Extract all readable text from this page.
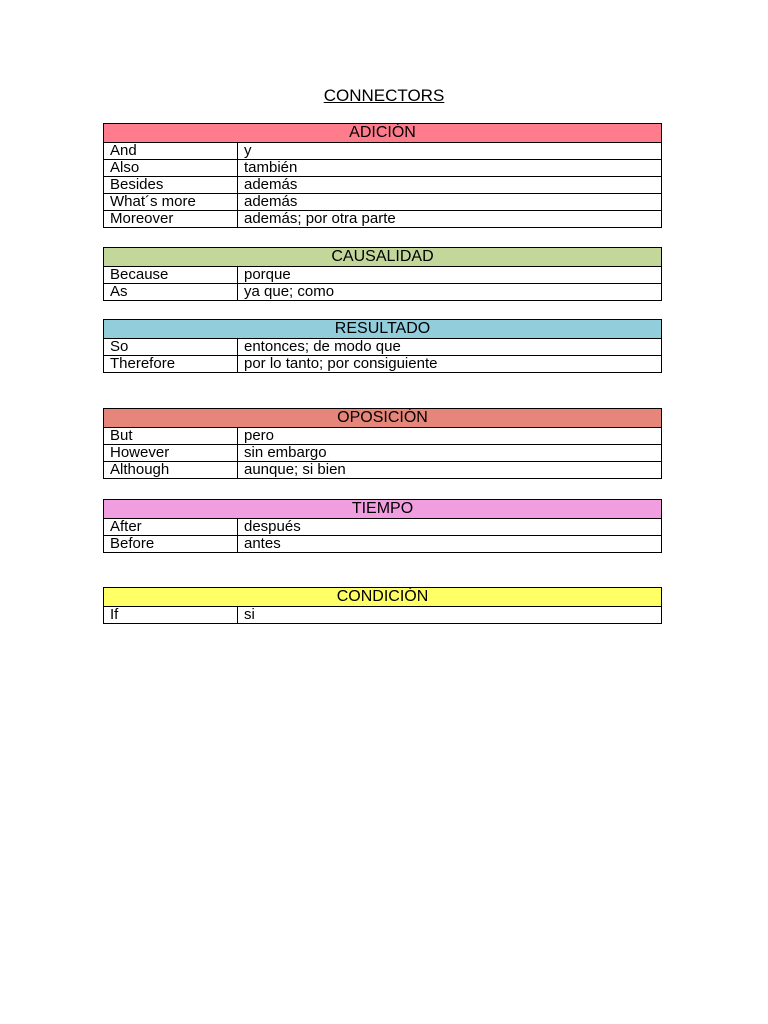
CONNECTORS
ADICIÓN	
And	y
Also	también
Besides	además
What´s more	además
Moreover	además; por otra parte
CAUSALIDAD	
Because	porque
As	ya que; como
RESULTADO	
So	entonces; de modo que
Therefore	por lo tanto; por consiguiente
OPOSICIÓN	
But	pero
However	sin embargo
Although	aunque; si bien
TIEMPO	
After	después
Before	antes
CONDICIÓN
If	si
